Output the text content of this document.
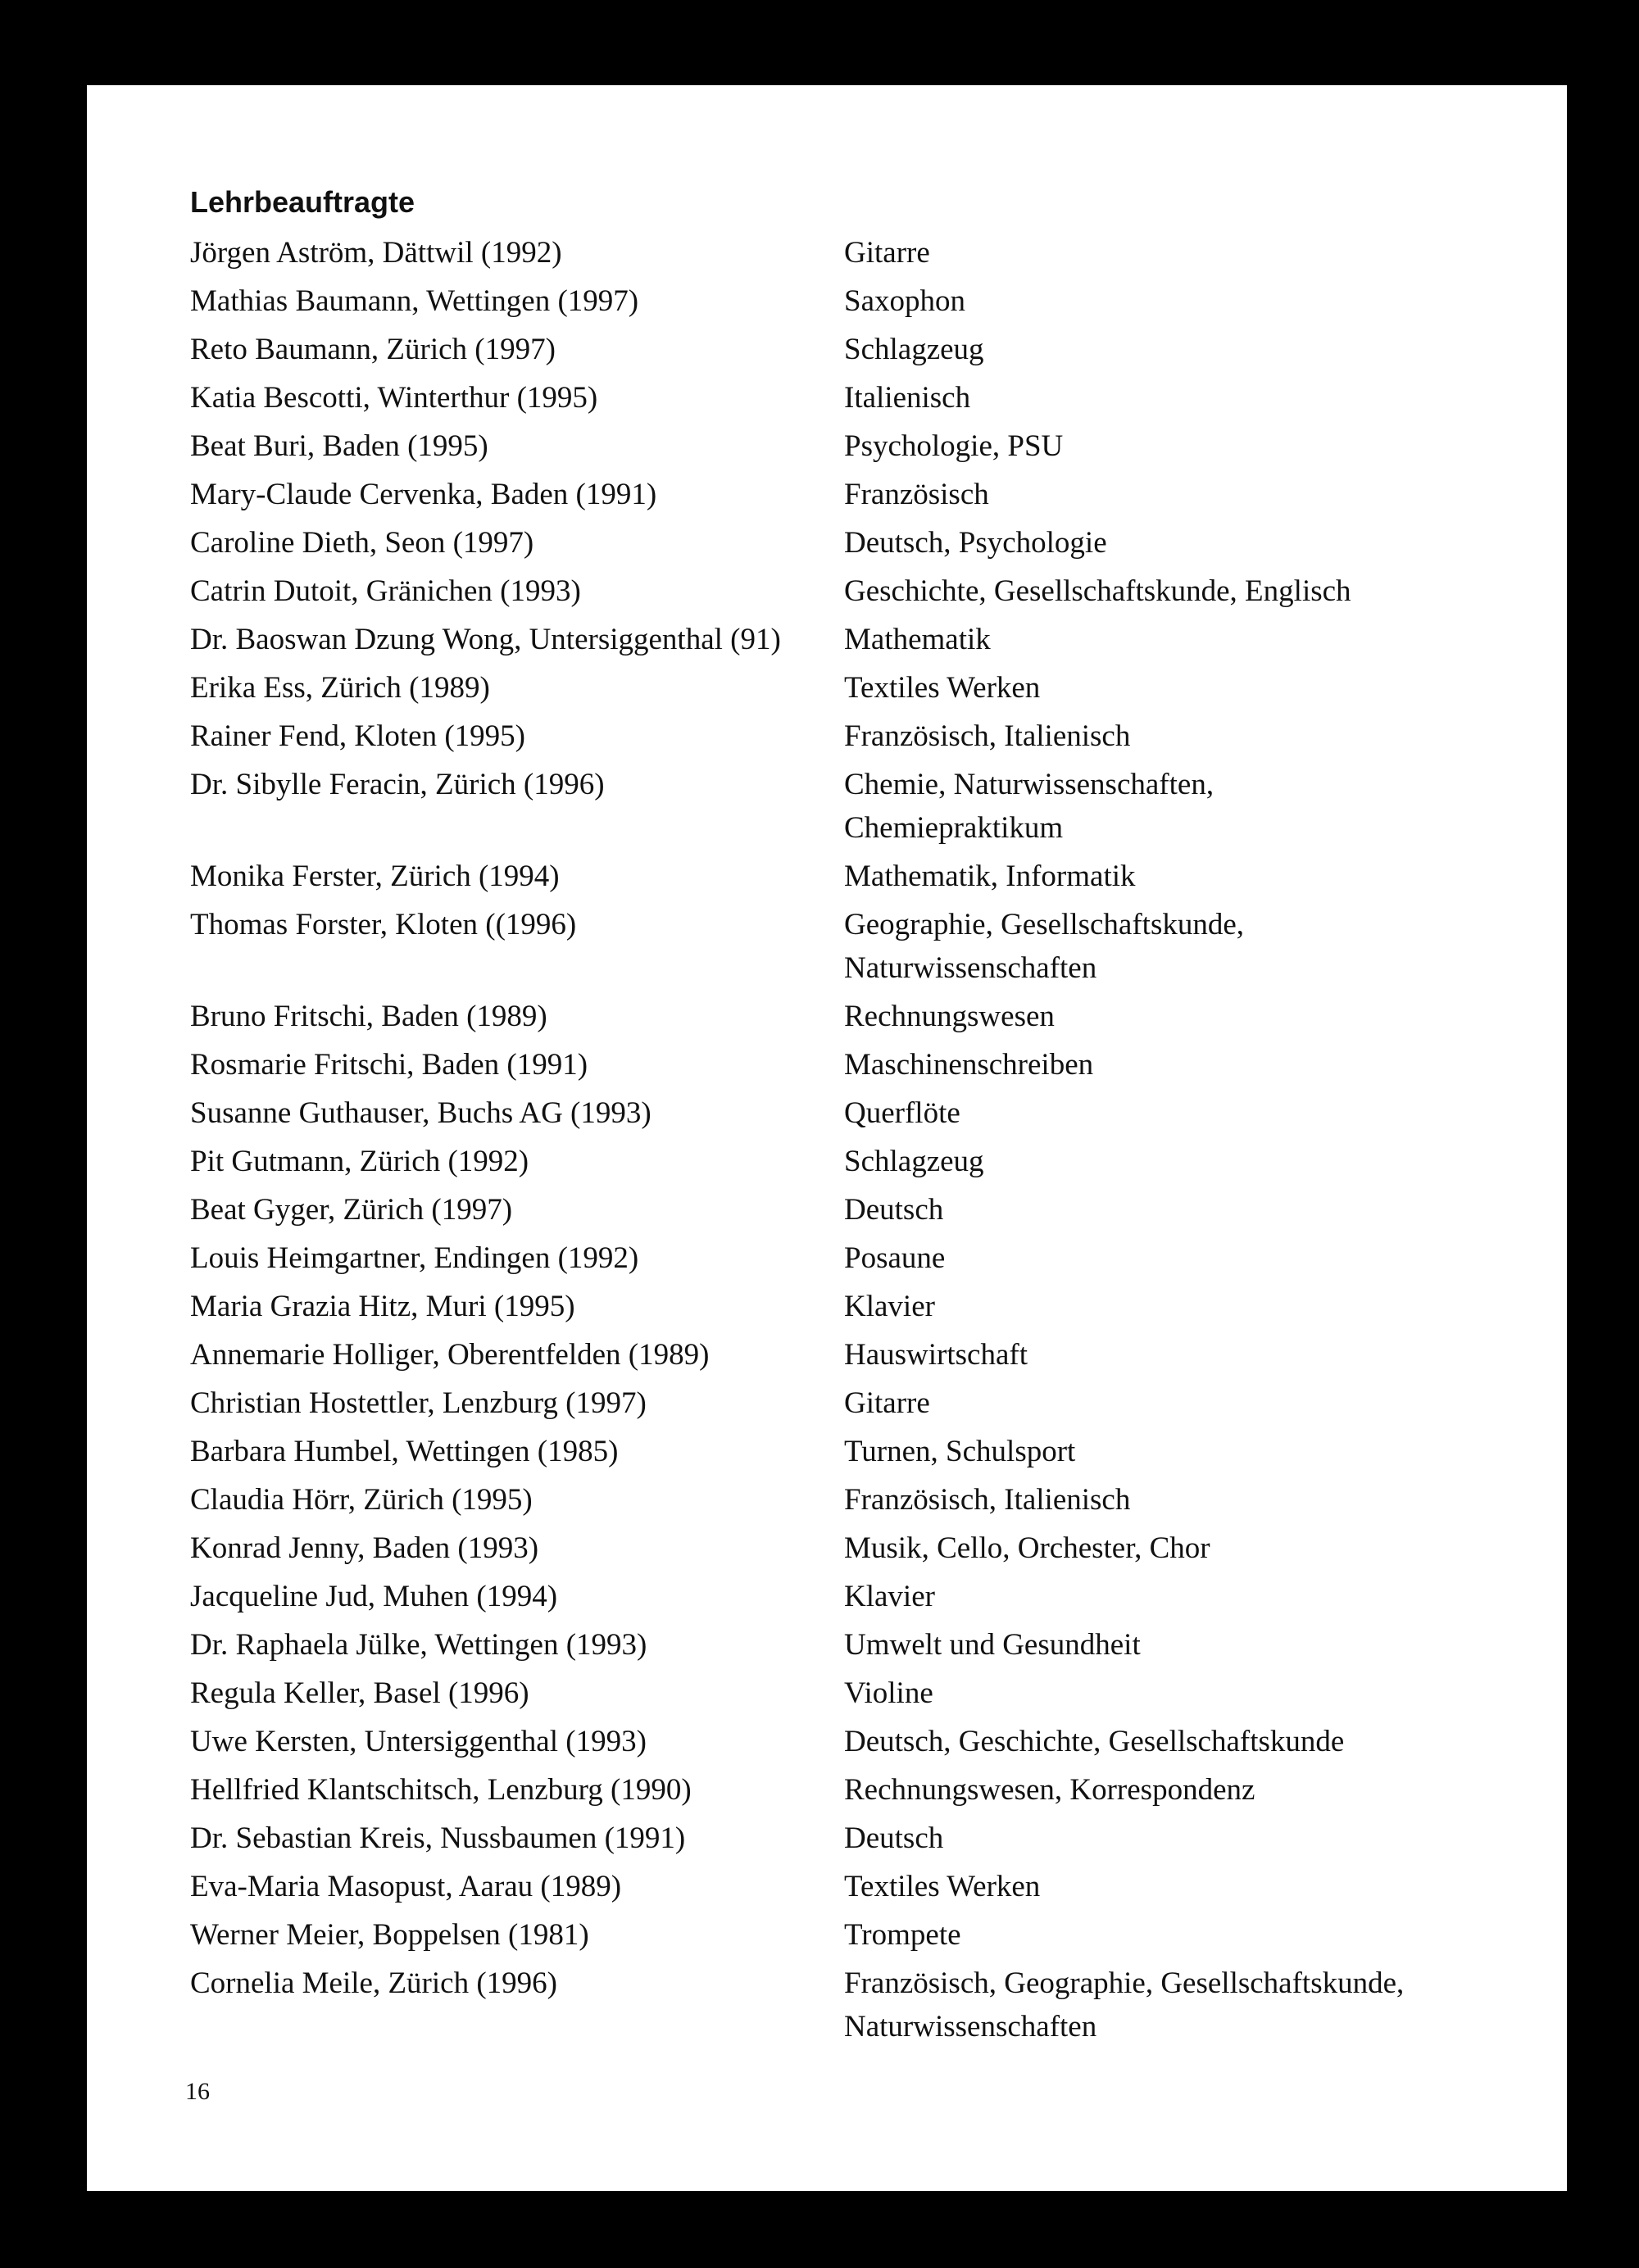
Lehrbeauftragte
Jörgen Aström, Dättwil (1992)	Gitarre
Mathias Baumann, Wettingen (1997)	Saxophon
Reto Baumann, Zürich (1997)	Schlagzeug
Katia Bescotti, Winterthur (1995)	Italienisch
Beat Buri, Baden (1995)	Psychologie, PSU
Mary-Claude Cervenka, Baden (1991)	Französisch
Caroline Dieth, Seon (1997)	Deutsch, Psychologie
Catrin Dutoit, Gränichen (1993)	Geschichte, Gesellschaftskunde, Englisch
Dr. Baoswan Dzung Wong, Untersiggenthal (91)	Mathematik
Erika Ess, Zürich (1989)	Textiles Werken
Rainer Fend, Kloten (1995)	Französisch, Italienisch
Dr. Sibylle Feracin, Zürich (1996)	Chemie, Naturwissenschaften, Chemiepraktikum
Monika Ferster, Zürich (1994)	Mathematik, Informatik
Thomas Forster, Kloten ((1996)	Geographie, Gesellschaftskunde, Naturwissenschaften
Bruno Fritschi, Baden (1989)	Rechnungswesen
Rosmarie Fritschi, Baden (1991)	Maschinenschreiben
Susanne Guthauser, Buchs AG (1993)	Querflöte
Pit Gutmann, Zürich (1992)	Schlagzeug
Beat Gyger, Zürich (1997)	Deutsch
Louis Heimgartner, Endingen (1992)	Posaune
Maria Grazia Hitz, Muri (1995)	Klavier
Annemarie Holliger, Oberentfelden (1989)	Hauswirtschaft
Christian Hostettler, Lenzburg (1997)	Gitarre
Barbara Humbel, Wettingen (1985)	Turnen, Schulsport
Claudia Hörr, Zürich (1995)	Französisch, Italienisch
Konrad Jenny, Baden (1993)	Musik, Cello, Orchester, Chor
Jacqueline Jud, Muhen (1994)	Klavier
Dr. Raphaela Jülke, Wettingen (1993)	Umwelt und Gesundheit
Regula Keller, Basel (1996)	Violine
Uwe Kersten, Untersiggenthal (1993)	Deutsch, Geschichte, Gesellschaftskunde
Hellfried Klantschitsch, Lenzburg (1990)	Rechnungswesen, Korrespondenz
Dr. Sebastian Kreis, Nussbaumen (1991)	Deutsch
Eva-Maria Masopust, Aarau (1989)	Textiles Werken
Werner Meier, Boppelsen (1981)	Trompete
Cornelia Meile, Zürich (1996)	Französisch, Geographie, Gesellschaftskunde, Naturwissenschaften
16
